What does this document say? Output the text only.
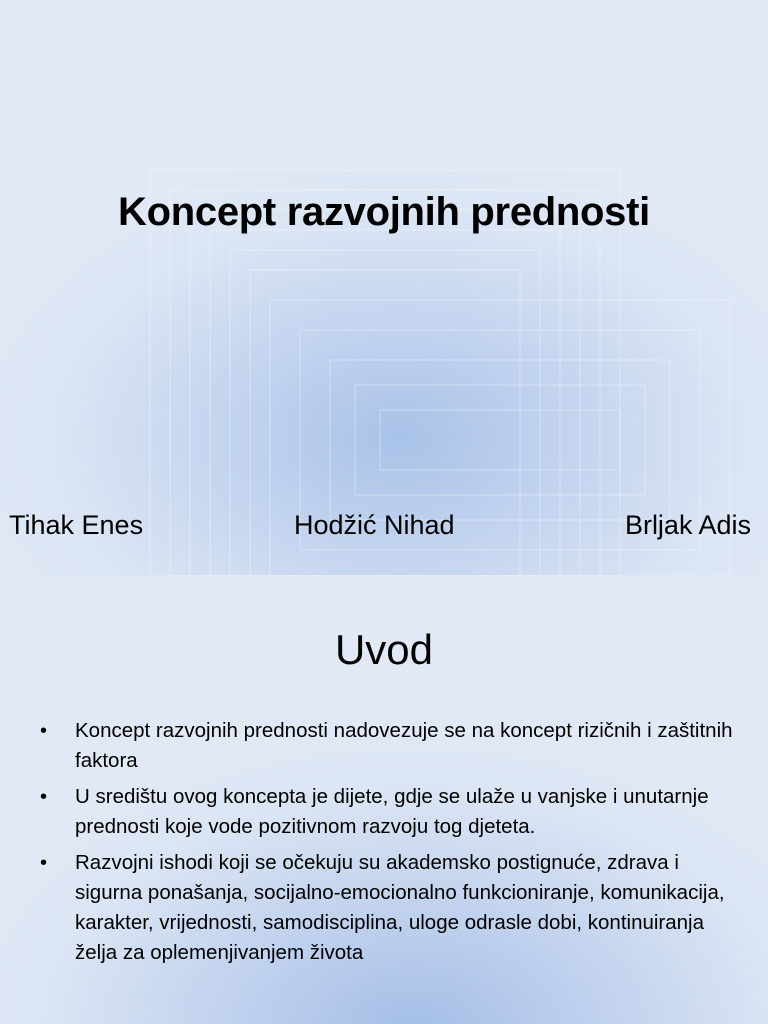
Koncept razvojnih prednosti
Tihak Enes	Hodžić Nihad	Brljak Adis
Uvod
• Koncept razvojnih prednosti nadovezuje se na koncept rizičnih i zaštitnih faktora
• U središtu ovog koncepta je dijete, gdje se ulaže u vanjske i unutarnje prednosti koje vode pozitivnom razvoju tog djeteta.
• Razvojni ishodi koji se očekuju su akademsko postignuće, zdrava i sigurna ponašanja, socijalno-emocionalno funkcioniranje, komunikacija, karakter, vrijednosti, samodisciplina, uloge odrasle dobi, kontinuiranja želja za oplemenjivanjem života
